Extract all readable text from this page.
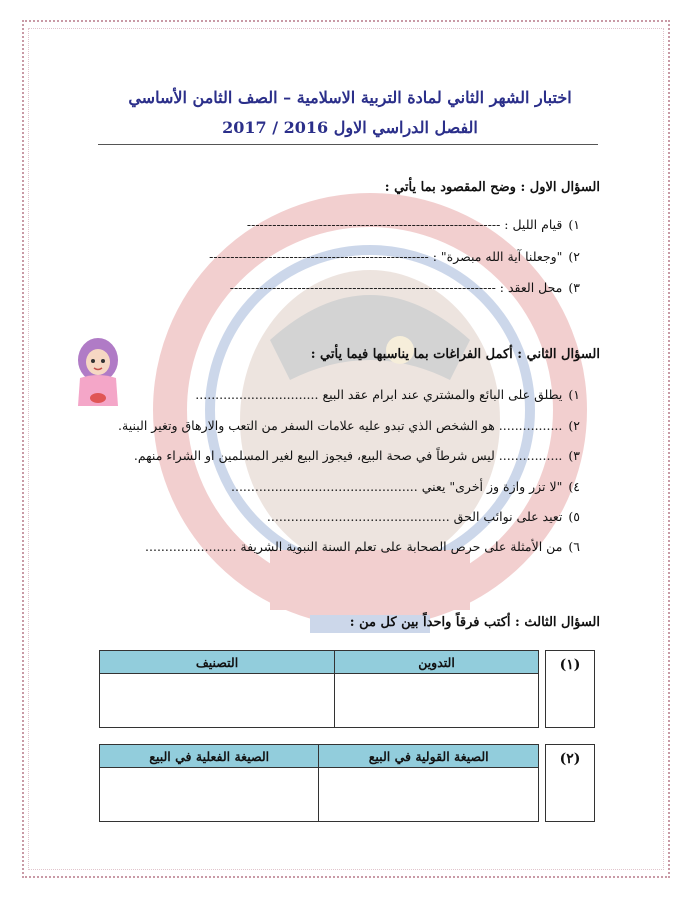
اختبار الشهر الثاني لمادة التربية الاسلامية – الصف الثامن الأساسي
الفصل الدراسي الاول 2016 / 2017
السؤال الاول : وضح المقصود بما يأتي :
١)قيام الليل : ------------------------------------------------------------
٢)"وجعلنا آية الله مبصرة" : ----------------------------------------------------
٣)محل العقد : ---------------------------------------------------------------
السؤال الثاني : أكمل الفراغات بما يناسبها فيما يأتي :
١)يطلق على البائع والمشتري عند ابرام عقد البيع ...............................
٢)................ هو الشخص الذي تبدو عليه علامات السفر من التعب والارهاق وتغير البنية.
٣)................ ليس شرطاً في صحة البيع، فيجوز البيع لغير المسلمين او الشراء منهم.
٤)"لا تزر وازة وز أخرى" يعني ...............................................
٥)تعيد على نوائب الحق ..............................................
٦)من الأمثلة على حرص الصحابة على تعلم السنة النبوية الشريفة .......................
السؤال الثالث : أكتب فرقاً واحداً بين كل من :
(١)
التدوين	التصنيف

(٢)
الصيغة القولية في البيع	الصيغة الفعلية في البيع
